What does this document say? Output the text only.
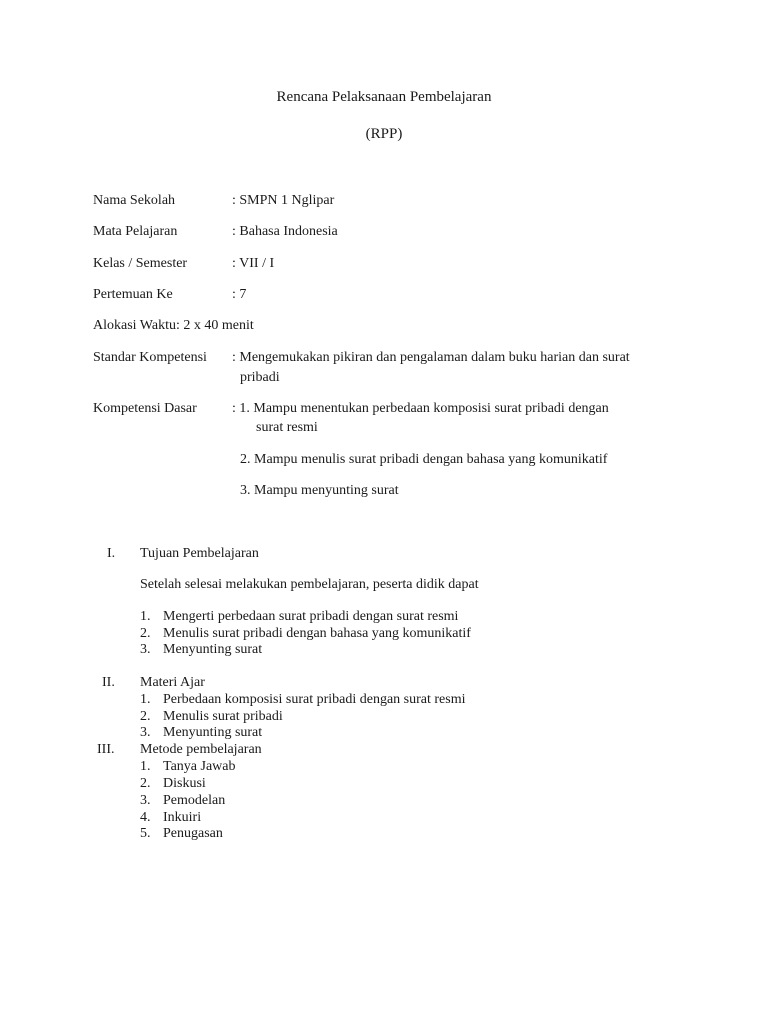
Rencana Pelaksanaan Pembelajaran
(RPP)
Nama Sekolah	: SMPN 1 Nglipar
Mata Pelajaran	: Bahasa Indonesia
Kelas / Semester	: VII / I
Pertemuan Ke	: 7
Alokasi Waktu: 2 x 40 menit
Standar Kompetensi : Mengemukakan pikiran dan pengalaman dalam buku harian dan surat
pribadi
Kompetensi Dasar	: 1. Mampu menentukan perbedaan komposisi surat pribadi dengan
surat resmi
2. Mampu menulis surat pribadi dengan bahasa yang komunikatif
3. Mampu menyunting surat
I. Tujuan Pembelajaran
Setelah selesai melakukan pembelajaran, peserta didik dapat
1. Mengerti perbedaan surat pribadi dengan surat resmi
2. Menulis surat pribadi dengan bahasa yang komunikatif
3. Menyunting surat
II. Materi Ajar
1. Perbedaan komposisi surat pribadi dengan surat resmi
2. Menulis surat pribadi
3. Menyunting surat
III. Metode pembelajaran
1. Tanya Jawab
2. Diskusi
3. Pemodelan
4. Inkuiri
5. Penugasan
